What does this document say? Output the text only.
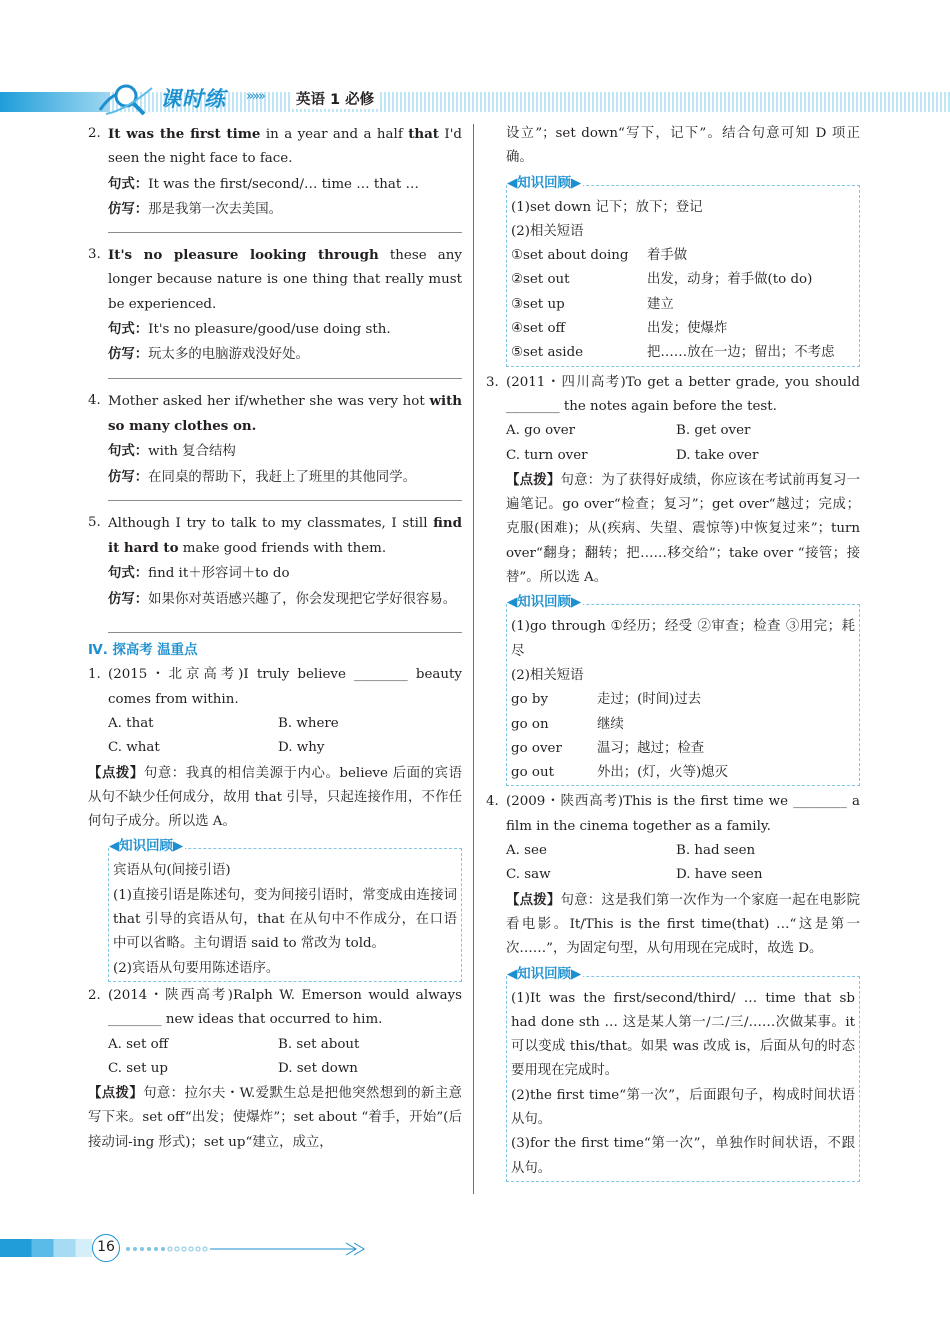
课时练 »»» 英语 1 必修
2. It was the first time in a year and a half that I'd seen the night face to face.
句式：It was the first/second/… time … that …
仿写：那是我第一次去美国。
3. It's no pleasure looking through these any longer because nature is one thing that really must be experienced.
句式：It's no pleasure/good/use doing sth.
仿写：玩太多的电脑游戏没好处。
4. Mother asked her if/whether she was very hot with so many clothes on.
句式：with 复合结构
仿写：在同桌的帮助下，我赶上了班里的其他同学。
5. Although I try to talk to my classmates, I still find it hard to make good friends with them.
句式：find it＋形容词＋to do
仿写：如果你对英语感兴趣了，你会发现把它学好很容易。
Ⅳ. 探高考 温重点
1. (2015・北京高考)I truly believe ________ beauty comes from within.
A. that	B. where
C. what	D. why
【点拨】句意：我真的相信美源于内心。believe 后面的宾语从句不缺少任何成分，故用 that 引导，只起连接作用，不作任何句子成分。所以选 A。
◀知识回顾▶
宾语从句(间接引语)
(1)直接引语是陈述句，变为间接引语时，常变成由连接词 that 引导的宾语从句，that 在从句中不作成分，在口语中可以省略。主句谓语 said to 常改为 told。
(2)宾语从句要用陈述语序。
2. (2014・陕西高考)Ralph W. Emerson would always ________ new ideas that occurred to him.
A. set off	B. set about
C. set up	D. set down
【点拨】句意：拉尔夫・W.爱默生总是把他突然想到的新主意写下来。set off“出发；使爆炸”；set about “着手，开始”(后接动词-ing 形式)；set up“建立，成立，
设立”；set down“写下，记下”。结合句意可知 D 项正确。
◀知识回顾▶
(1)set down 记下；放下；登记
(2)相关短语
①set about doing	着手做
②set out	出发，动身；着手做(to do)
③set up	建立
④set off	出发；使爆炸
⑤set aside	把……放在一边；留出；不考虑
3. (2011・四川高考)To get a better grade, you should ________ the notes again before the test.
A. go over	B. get over
C. turn over	D. take over
【点拨】句意：为了获得好成绩，你应该在考试前再复习一遍笔记。go over“检查；复习”；get over“越过；完成；克服(困难)；从(疾病、失望、震惊等)中恢复过来”；turn over“翻身；翻转；把……移交给”；take over “接管；接替”。所以选 A。
◀知识回顾▶
(1)go through ①经历；经受 ②审查；检查 ③用完；耗尽
(2)相关短语
go by	走过；(时间)过去
go on	继续
go over	温习；越过；检查
go out	外出；(灯，火等)熄灭
4. (2009・陕西高考)This is the first time we ________ a film in the cinema together as a family.
A. see	B. had seen
C. saw	D. have seen
【点拨】句意：这是我们第一次作为一个家庭一起在电影院看电影。It/This is the first time(that) …“这是第一次……”，为固定句型，从句用现在完成时，故选 D。
◀知识回顾▶
(1)It was the first/second/third/ … time that sb had done sth … 这是某人第一/二/三/……次做某事。it 可以变成 this/that。如果 was 改成 is，后面从句的时态要用现在完成时。
(2)the first time“第一次”，后面跟句子，构成时间状语从句。
(3)for the first time“第一次”，单独作时间状语，不跟从句。
16
